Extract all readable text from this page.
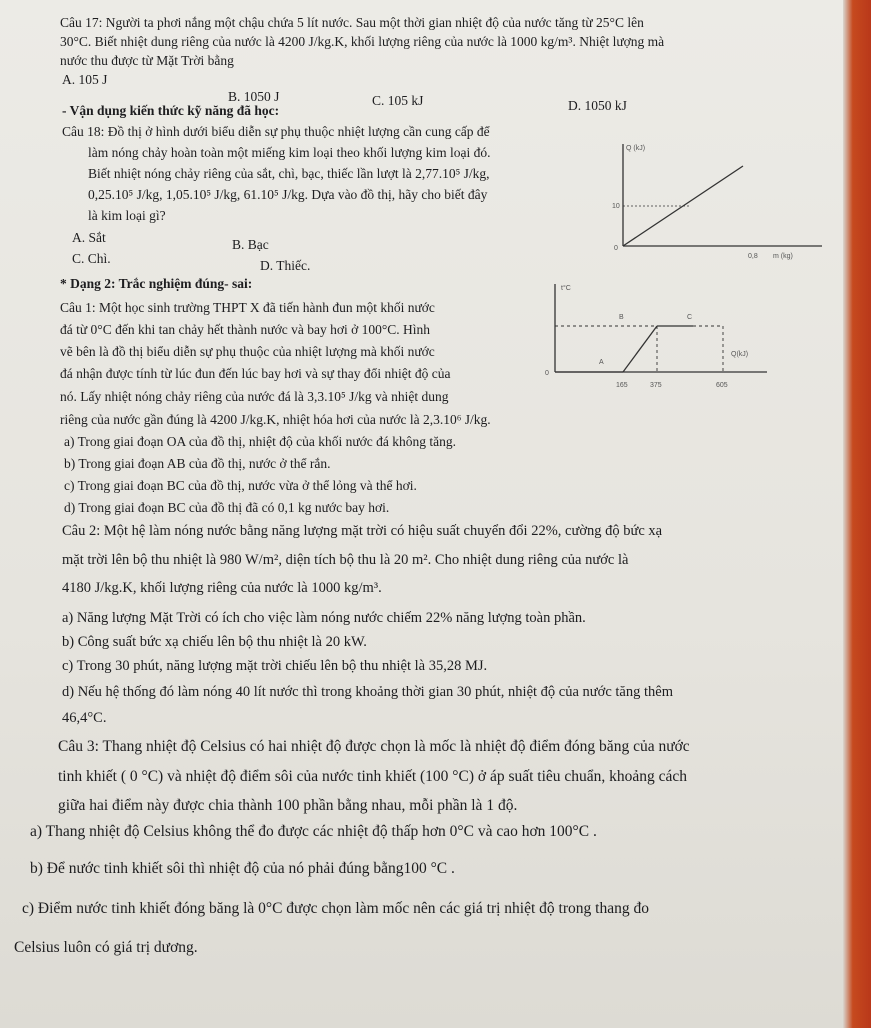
Câu 17: Người ta phơi nắng một chậu chứa 5 lít nước. Sau một thời gian nhiệt độ của nước tăng từ 25°C lên
30°C. Biết nhiệt dung riêng của nước là 4200 J/kg.K, khối lượng riêng của nước là 1000 kg/m³. Nhiệt lượng mà
nước thu được từ Mặt Trời bằng
A. 105 J
B. 1050 J	C. 105 kJ	D. 1050 kJ
- Vận dụng kiến thức kỹ năng đã học:
Câu 18: Đồ thị ở hình dưới biểu diễn sự phụ thuộc nhiệt lượng cần cung cấp để
làm nóng chảy hoàn toàn một miếng kim loại theo khối lượng kim loại đó.
Biết nhiệt nóng chảy riêng của sắt, chì, bạc, thiếc lần lượt là 2,77.10⁵ J/kg,
0,25.10⁵ J/kg, 1,05.10⁵ J/kg, 61.10⁵ J/kg. Dựa vào đồ thị, hãy cho biết đây
là kim loại gì?
A. Sắt	B. Bạc
C. Chì.	D. Thiếc.
Q (kJ)
10
0
0,8 m (kg)
* Dạng 2: Trắc nghiệm đúng- sai:
Câu 1: Một học sinh trường THPT X đã tiến hành đun một khối nước
đá từ 0°C đến khi tan chảy hết thành nước và bay hơi ở 100°C. Hình
vẽ bên là đồ thị biểu diễn sự phụ thuộc của nhiệt lượng mà khối nước
đá nhận được tính từ lúc đun đến lúc bay hơi và sự thay đổi nhiệt độ của
nó. Lấy nhiệt nóng chảy riêng của nước đá là 3,3.10⁵ J/kg và nhiệt dung
riêng của nước gần đúng là 4200 J/kg.K, nhiệt hóa hơi của nước là 2,3.10⁶ J/kg.
a) Trong giai đoạn OA của đồ thị, nhiệt độ của khối nước đá không tăng.
b) Trong giai đoạn AB của đồ thị, nước ở thể rắn.
c) Trong giai đoạn BC của đồ thị, nước vừa ở thể lỏng và thể hơi.
d) Trong giai đoạn BC của đồ thị đã có 0,1 kg nước bay hơi.
t°C
B	C
A
Q(kJ)
0
165	375	605
Câu 2: Một hệ làm nóng nước bằng năng lượng mặt trời có hiệu suất chuyển đổi 22%, cường độ bức xạ
mặt trời lên bộ thu nhiệt là 980 W/m², diện tích bộ thu là 20 m². Cho nhiệt dung riêng của nước là
4180 J/kg.K, khối lượng riêng của nước là 1000 kg/m³.
a) Năng lượng Mặt Trời có ích cho việc làm nóng nước chiếm 22% năng lượng toàn phần.
b) Công suất bức xạ chiếu lên bộ thu nhiệt là 20 kW.
c) Trong 30 phút, năng lượng mặt trời chiếu lên bộ thu nhiệt là 35,28 MJ.
d) Nếu hệ thống đó làm nóng 40 lít nước thì trong khoảng thời gian 30 phút, nhiệt độ của nước tăng thêm
46,4°C.
Câu 3: Thang nhiệt độ Celsius có hai nhiệt độ được chọn là mốc là nhiệt độ điểm đóng băng của nước
tinh khiết ( 0 °C) và nhiệt độ điểm sôi của nước tinh khiết (100 °C) ở áp suất tiêu chuẩn, khoảng cách
giữa hai điểm này được chia thành 100 phần bằng nhau, mỗi phần là 1 độ.
a) Thang nhiệt độ Celsius không thể đo được các nhiệt độ thấp hơn 0°C và cao hơn 100°C .
b) Để nước tinh khiết sôi thì nhiệt độ của nó phải đúng bằng100 °C .
c) Điểm nước tinh khiết đóng băng là 0°C được chọn làm mốc nên các giá trị nhiệt độ trong thang đo
Celsius luôn có giá trị dương.
